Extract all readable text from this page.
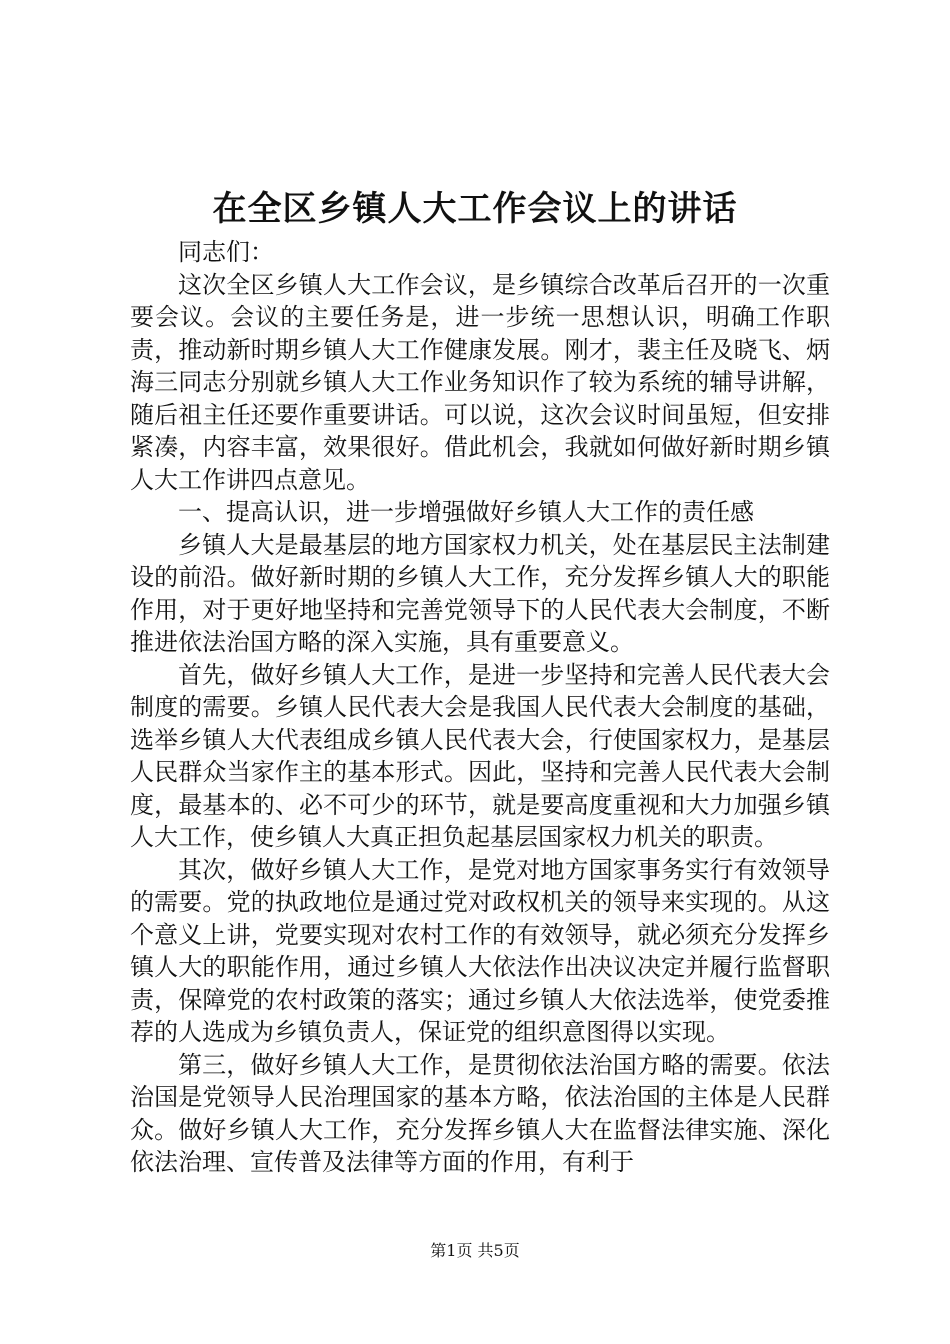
在全区乡镇人大工作会议上的讲话

同志们：

这次全区乡镇人大工作会议，是乡镇综合改革后召开的一次重要会议。会议的主要任务是，进一步统一思想认识，明确工作职责，推动新时期乡镇人大工作健康发展。刚才，裴主任及晓飞、炳海三同志分别就乡镇人大工作业务知识作了较为系统的辅导讲解，随后祖主任还要作重要讲话。可以说，这次会议时间虽短，但安排紧凑，内容丰富，效果很好。借此机会，我就如何做好新时期乡镇人大工作讲四点意见。

一、提高认识，进一步增强做好乡镇人大工作的责任感

乡镇人大是最基层的地方国家权力机关，处在基层民主法制建设的前沿。做好新时期的乡镇人大工作，充分发挥乡镇人大的职能作用，对于更好地坚持和完善党领导下的人民代表大会制度，不断推进依法治国方略的深入实施，具有重要意义。

首先，做好乡镇人大工作，是进一步坚持和完善人民代表大会制度的需要。乡镇人民代表大会是我国人民代表大会制度的基础，选举乡镇人大代表组成乡镇人民代表大会，行使国家权力，是基层人民群众当家作主的基本形式。因此，坚持和完善人民代表大会制度，最基本的、必不可少的环节，就是要高度重视和大力加强乡镇人大工作，使乡镇人大真正担负起基层国家权力机关的职责。

其次，做好乡镇人大工作，是党对地方国家事务实行有效领导的需要。党的执政地位是通过党对政权机关的领导来实现的。从这个意义上讲，党要实现对农村工作的有效领导，就必须充分发挥乡镇人大的职能作用，通过乡镇人大依法作出决议决定并履行监督职责，保障党的农村政策的落实；通过乡镇人大依法选举，使党委推荐的人选成为乡镇负责人，保证党的组织意图得以实现。

第三，做好乡镇人大工作，是贯彻依法治国方略的需要。依法治国是党领导人民治理国家的基本方略，依法治国的主体是人民群众。做好乡镇人大工作，充分发挥乡镇人大在监督法律实施、深化依法治理、宣传普及法律等方面的作用，有利于

第1页 共5页
